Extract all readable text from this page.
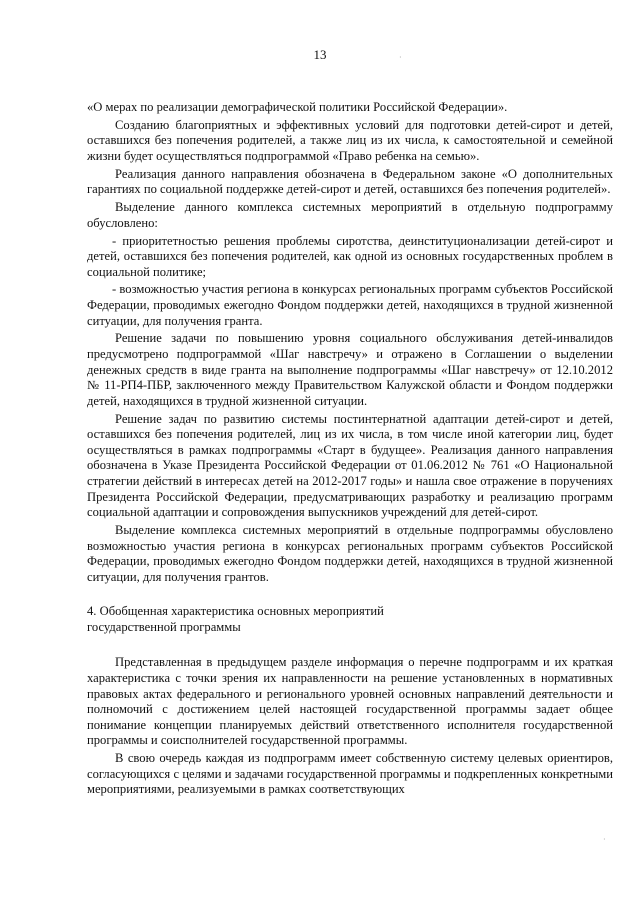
13	·

«О мерах по реализации демографической политики Российской Федерации».

Созданию благоприятных и эффективных условий для подготовки детей-сирот и детей, оставшихся без попечения родителей, а также лиц из их числа, к самостоятельной и семейной жизни будет осуществляться подпрограммой «Право ребенка на семью».

Реализация данного направления обозначена в Федеральном законе «О дополнительных гарантиях по социальной поддержке детей-сирот и детей, оставшихся без попечения родителей».

Выделение данного комплекса системных мероприятий в отдельную подпрограмму обусловлено:

- приоритетностью решения проблемы сиротства, деинституционализации детей-сирот и детей, оставшихся без попечения родителей, как одной из основных государственных проблем в социальной политике;

- возможностью участия региона в конкурсах региональных программ субъектов Российской Федерации, проводимых ежегодно Фондом поддержки детей, находящихся в трудной жизненной ситуации, для получения гранта.

Решение задачи по повышению уровня социального обслуживания детей-инвалидов предусмотрено подпрограммой «Шаг навстречу» и отражено в Соглашении о выделении денежных средств в виде гранта на выполнение подпрограммы «Шаг навстречу» от 12.10.2012 № 11-РП4-ПБР, заключенного между Правительством Калужской области и Фондом поддержки детей, находящихся в трудной жизненной ситуации.

Решение задач по развитию системы постинтернатной адаптации детей-сирот и детей, оставшихся без попечения родителей, лиц из их числа, в том числе иной категории лиц, будет осуществляться в рамках подпрограммы «Старт в будущее». Реализация данного направления обозначена в Указе Президента Российской Федерации от 01.06.2012 № 761 «О Национальной стратегии действий в интересах детей на 2012-2017 годы» и нашла свое отражение в поручениях Президента Российской Федерации, предусматривающих разработку и реализацию программ социальной адаптации и сопровождения выпускников учреждений для детей-сирот.

Выделение комплекса системных мероприятий в отдельные подпрограммы обусловлено возможностью участия региона в конкурсах региональных программ субъектов Российской Федерации, проводимых ежегодно Фондом поддержки детей, находящихся в трудной жизненной ситуации, для получения грантов.

4. Обобщенная характеристика основных мероприятий
государственной программы

Представленная в предыдущем разделе информация о перечне подпрограмм и их краткая характеристика с точки зрения их направленности на решение установленных в нормативных правовых актах федерального и регионального уровней основных направлений деятельности и полномочий с достижением целей настоящей государственной программы задает общее понимание концепции планируемых действий ответственного исполнителя государственной программы и соисполнителей государственной программы.

В свою очередь каждая из подпрограмм имеет собственную систему целевых ориентиров, согласующихся с целями и задачами государственной программы и подкрепленных конкретными мероприятиями, реализуемыми в рамках соответствующих

·
